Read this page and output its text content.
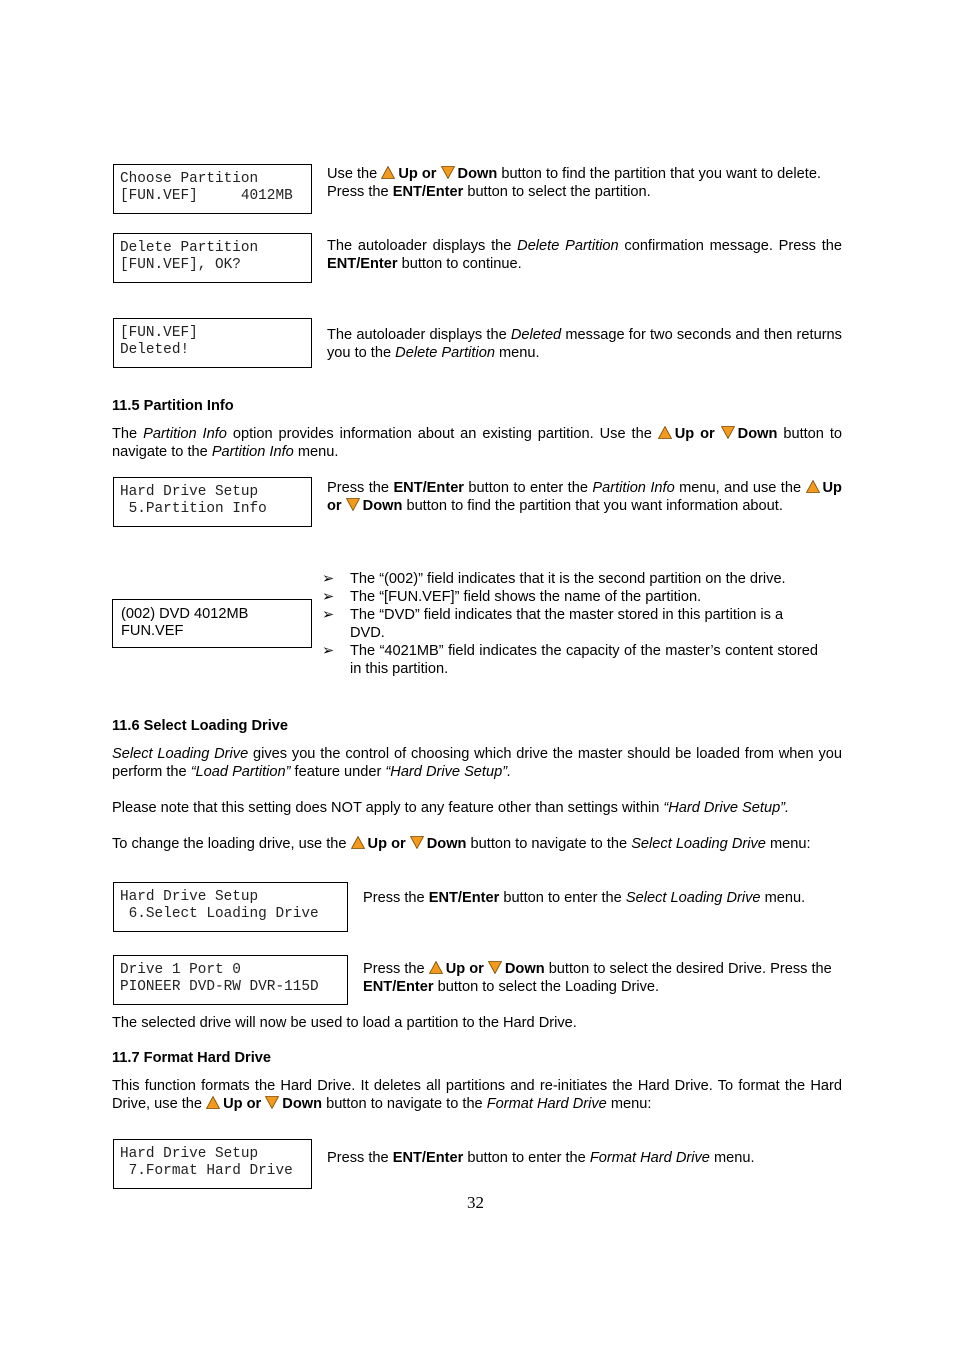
Choose Partition
[FUN.VEF]     4012MB
Use the Up or Down button to find the partition that you want to delete. Press the ENT/Enter button to select the partition.
Delete Partition
[FUN.VEF], OK?
The autoloader displays the Delete Partition confirmation message. Press the ENT/Enter button to continue.
[FUN.VEF]
Deleted!
The autoloader displays the Deleted message for two seconds and then returns you to the Delete Partition menu.
11.5 Partition Info
The Partition Info option provides information about an existing partition. Use the Up or Down button to navigate to the Partition Info menu.
Hard Drive Setup
5.Partition Info
Press the ENT/Enter button to enter the Partition Info menu, and use the Up or Down button to find the partition that you want information about.
(002) DVD 4012MB
FUN.VEF
➢ The “(002)” field indicates that it is the second partition on the drive.
➢ The “[FUN.VEF]” field shows the name of the partition.
➢ The “DVD” field indicates that the master stored in this partition is a DVD.
➢ The “4021MB” field indicates the capacity of the master’s content stored in this partition.
11.6 Select Loading Drive
Select Loading Drive gives you the control of choosing which drive the master should be loaded from when you perform the “Load Partition” feature under “Hard Drive Setup”.
Please note that this setting does NOT apply to any feature other than settings within “Hard Drive Setup”.
To change the loading drive, use the Up or Down button to navigate to the Select Loading Drive menu:
Hard Drive Setup
6.Select Loading Drive
Press the ENT/Enter button to enter the Select Loading Drive menu.
Drive 1 Port 0
PIONEER DVD-RW DVR-115D
Press the Up or Down button to select the desired Drive. Press the ENT/Enter button to select the Loading Drive.
The selected drive will now be used to load a partition to the Hard Drive.
11.7 Format Hard Drive
This function formats the Hard Drive. It deletes all partitions and re-initiates the Hard Drive. To format the Hard Drive, use the Up or Down button to navigate to the Format Hard Drive menu:
Hard Drive Setup
7.Format Hard Drive
Press the ENT/Enter button to enter the Format Hard Drive menu.
32
